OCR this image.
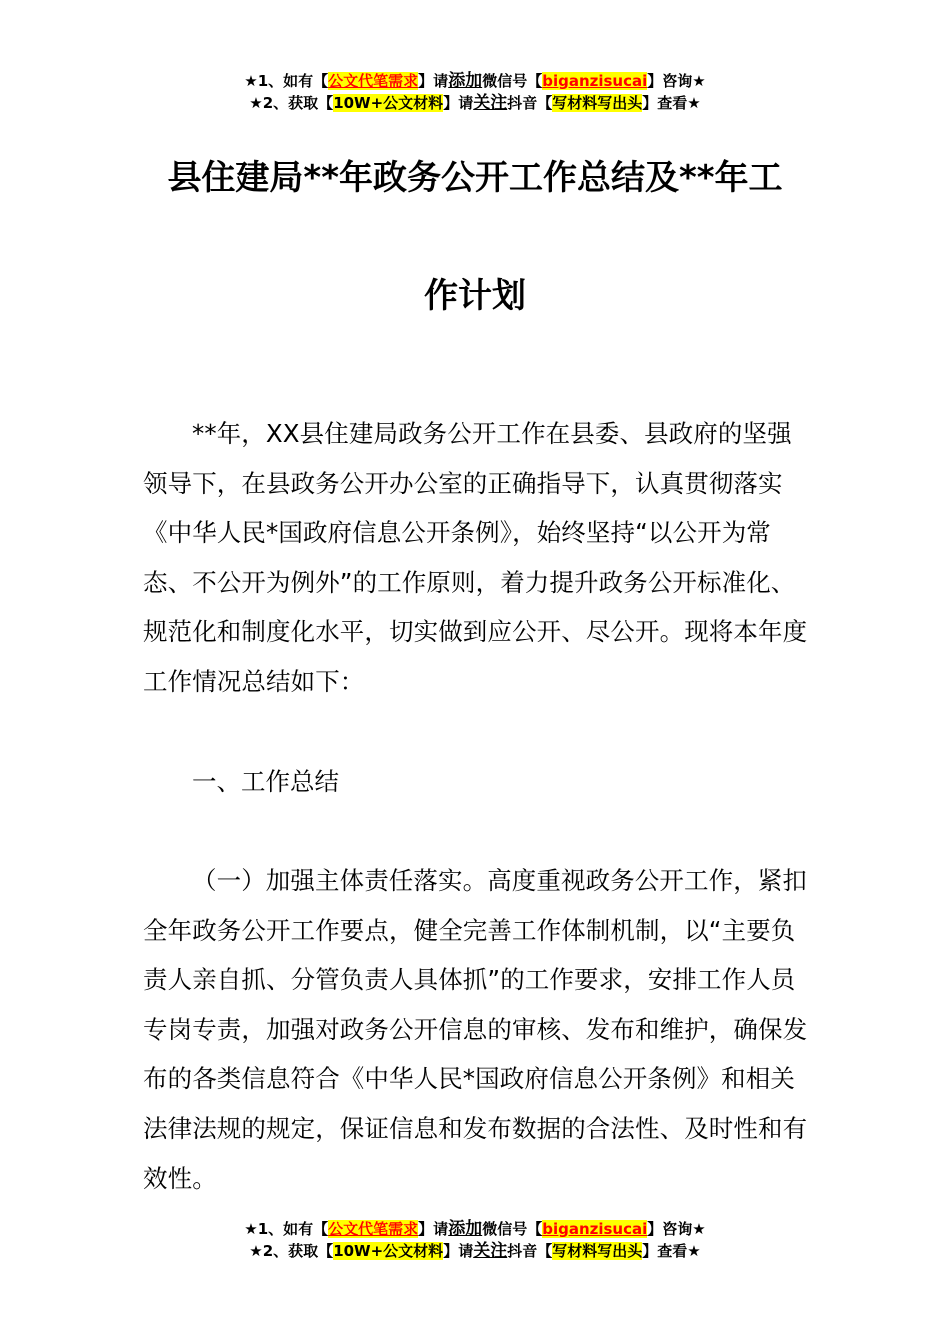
★1、如有【公文代笔需求】请添加微信号【biganzisucai】咨询★
★2、获取【10W+公文材料】请关注抖音【写材料写出头】查看★
县住建局**年政务公开工作总结及**年工
作计划

**年，XX县住建局政务公开工作在县委、县政府的坚强领导下，在县政务公开办公室的正确指导下，认真贯彻落实《中华人民*国政府信息公开条例》，始终坚持“以公开为常态、不公开为例外”的工作原则，着力提升政务公开标准化、规范化和制度化水平，切实做到应公开、尽公开。现将本年度工作情况总结如下：

一、工作总结

（一）加强主体责任落实。高度重视政务公开工作，紧扣全年政务公开工作要点，健全完善工作体制机制，以“主要负责人亲自抓、分管负责人具体抓”的工作要求，安排工作人员专岗专责，加强对政务公开信息的审核、发布和维护，确保发布的各类信息符合《中华人民*国政府信息公开条例》和相关法律法规的规定，保证信息和发布数据的合法性、及时性和有效性。

★1、如有【公文代笔需求】请添加微信号【biganzisucai】咨询★
★2、获取【10W+公文材料】请关注抖音【写材料写出头】查看★
